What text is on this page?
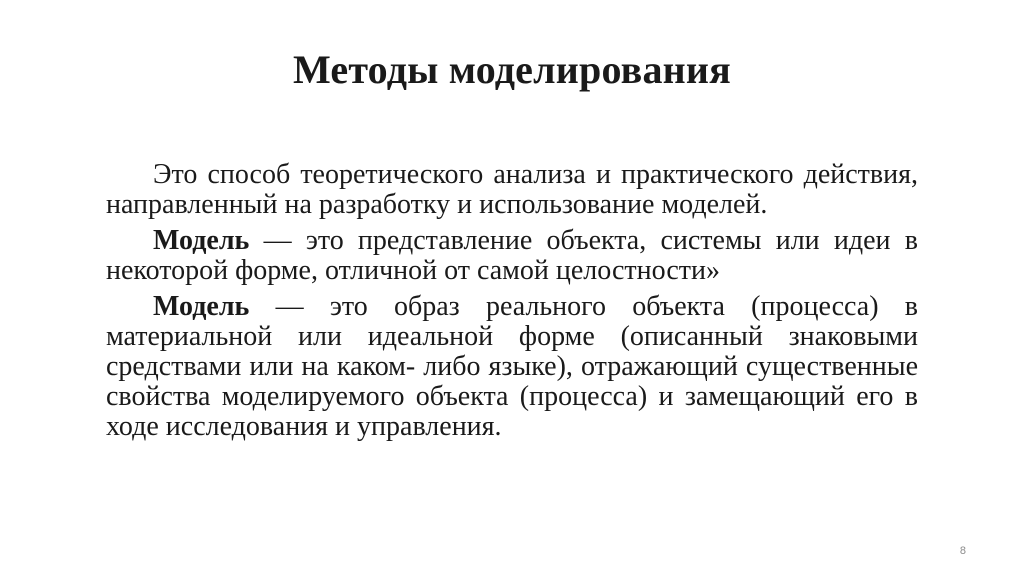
Методы моделирования

Это способ теоретического анализа и практического действия, направленный на разработку и использование моделей.

Модель — это представление объекта, системы или идеи в некоторой форме, отличной от самой целостности»

Модель — это образ реального объекта (процесса) в материальной или идеальной форме (описанный знаковыми средствами или на каком- либо языке), отражающий существенные свойства моделируемого объекта (процесса) и замещающий его в ходе исследования и управления.

8
